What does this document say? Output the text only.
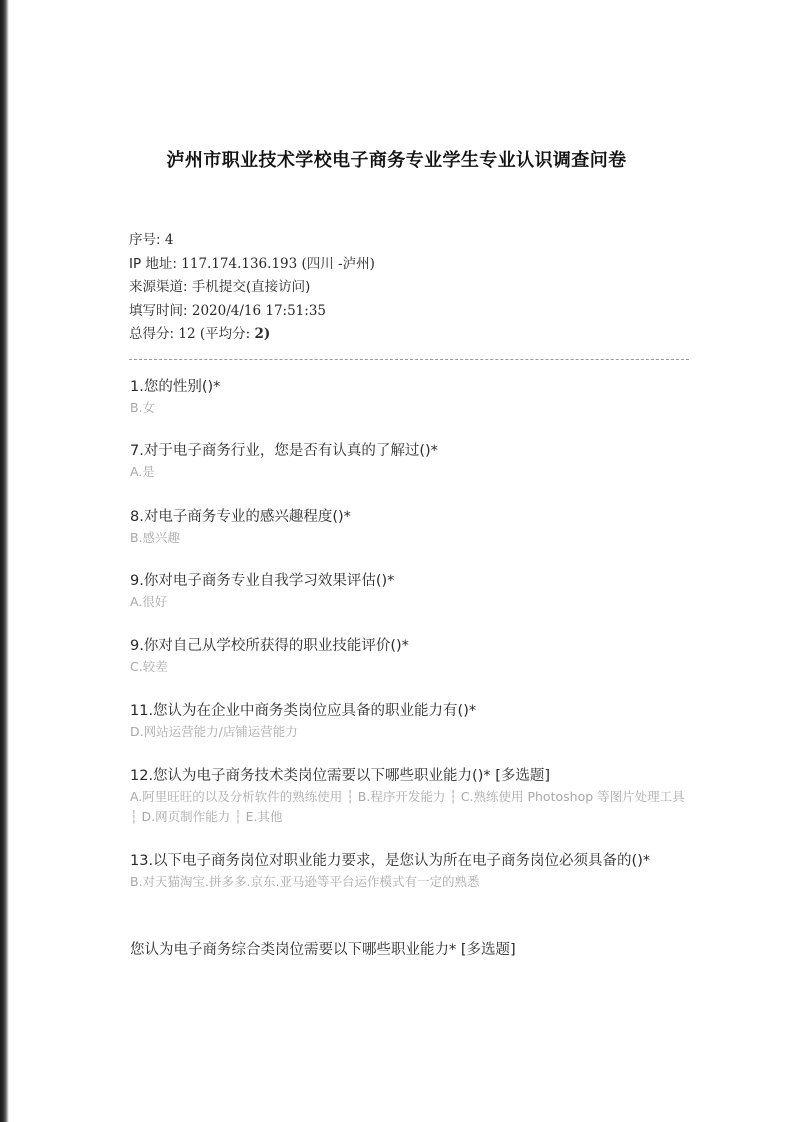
泸州市职业技术学校电子商务专业学生专业认识调查问卷
序号: 4
IP 地址: 117.174.136.193 (四川 -泸州)
来源渠道: 手机提交(直接访问)
填写时间: 2020/4/16 17:51:35
总得分: 12 (平均分: 2)

1.您的性别()*

B.女

7.对于电子商务行业，您是否有认真的了解过()*

A.是

8.对电子商务专业的感兴趣程度()*

B.感兴趣

9.你对电子商务专业自我学习效果评估()*

A.很好

9.你对自己从学校所获得的职业技能评价()*

C.较差

11.您认为在企业中商务类岗位应具备的职业能力有()*

D.网站运营能力/店铺运营能力

12.您认为电子商务技术类岗位需要以下哪些职业能力()* [多选题]

A.阿里旺旺的以及分析软件的熟练使用 ┆ B.程序开发能力 ┆ C.熟练使用 Photoshop 等图片处理工具 ┆ D.网页制作能力 ┆ E.其他

13.以下电子商务岗位对职业能力要求，是您认为所在电子商务岗位必须具备的()*

B.对天猫淘宝.拼多多.京东.亚马逊等平台运作模式有一定的熟悉

您认为电子商务综合类岗位需要以下哪些职业能力* [多选题]
